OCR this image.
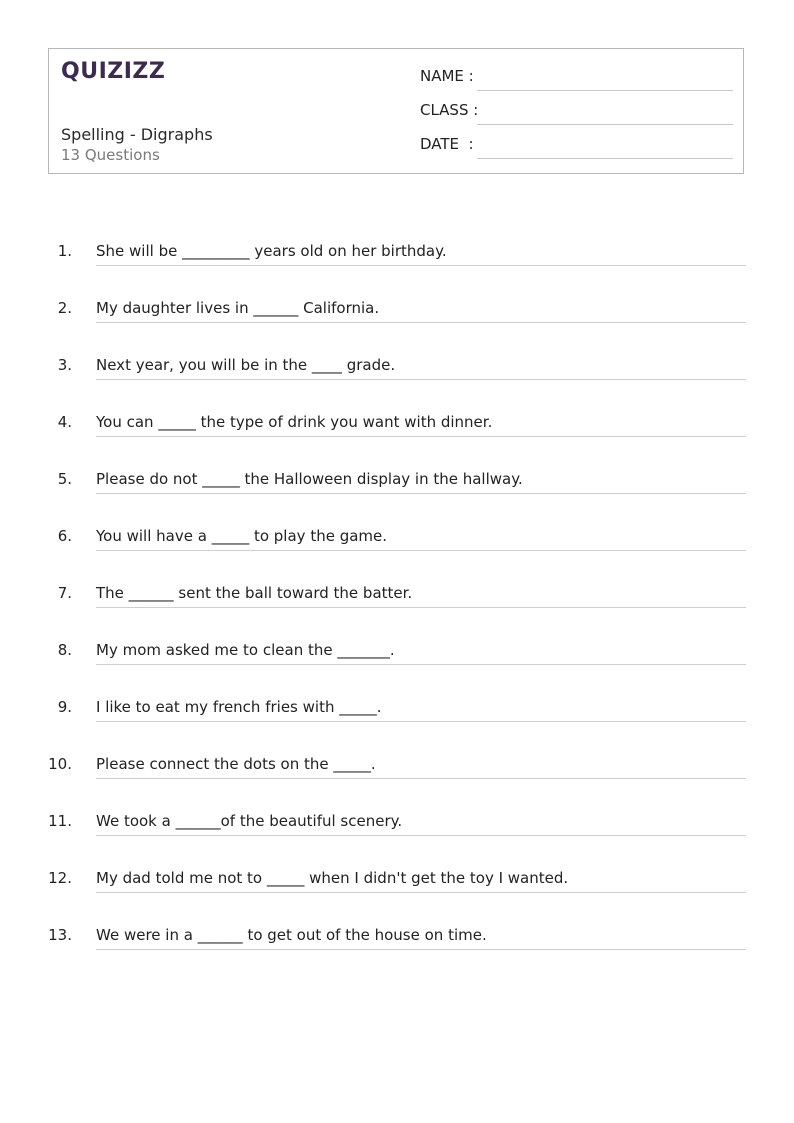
QUIZIZZ
Spelling - Digraphs
13 Questions
NAME :
CLASS :
DATE  :
1. She will be _________ years old on her birthday.
2. My daughter lives in ______ California.
3. Next year, you will be in the ____ grade.
4. You can _____ the type of drink you want with dinner.
5. Please do not _____ the Halloween display in the hallway.
6. You will have a _____ to play the game.
7. The ______ sent the ball toward the batter.
8. My mom asked me to clean the _______.
9. I like to eat my french fries with _____.
10. Please connect the dots on the _____.
11. We took a ______of the beautiful scenery.
12. My dad told me not to _____ when I didn't get the toy I wanted.
13. We were in a ______ to get out of the house on time.
